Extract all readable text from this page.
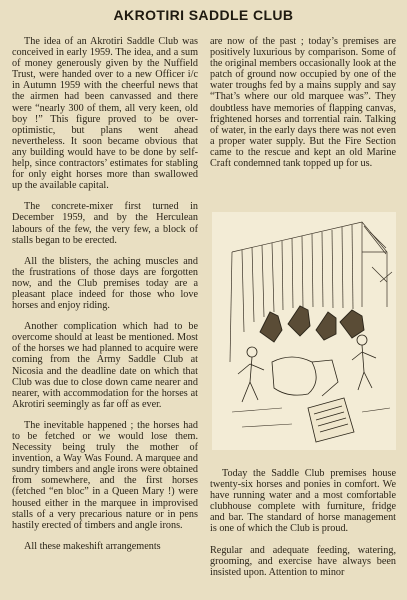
AKROTIRI SADDLE CLUB

The idea of an Akrotiri Saddle Club was conceived in early 1959. The idea, and a sum of money generously given by the Nuffield Trust, were handed over to a new Officer i/c in Autumn 1959 with the cheerful news that the airmen had been canvassed and there were “nearly 300 of them, all very keen, old boy !” This figure proved to be over-optimistic, but plans went ahead nevertheless. It soon became obvious that any building would have to be done by self-help, since contractors’ estimates for stabling for only eight horses more than swallowed up the available capital.

The concrete-mixer first turned in December 1959, and by the Herculean labours of the few, the very few, a block of stalls began to be erected.

All the blisters, the aching muscles and the frustrations of those days are forgotten now, and the Club premises today are a pleasant place indeed for those who love horses and enjoy riding.

Another complication which had to be overcome should at least be mentioned. Most of the horses we had planned to acquire were coming from the Army Saddle Club at Nicosia and the deadline date on which that Club was due to close down came nearer and nearer, with accommodation for the horses at Akrotiri seemingly as far off as ever.

The inevitable happened ; the horses had to be fetched or we would lose them. Necessity being truly the mother of invention, a Way Was Found. A marquee and sundry timbers and angle irons were obtained from somewhere, and the first horses (fetched “en bloc” in a Queen Mary !) were housed either in the marquee in improvised stalls of a very precarious nature or in pens hastily erected of timbers and angle irons.

All these makeshift arrangements

are now of the past ; today’s premises are positively luxurious by comparison. Some of the original members occasionally look at the patch of ground now occupied by one of the water troughs fed by a mains supply and say “That’s where our old marquee was”. They doubtless have memories of flapping canvas, frightened horses and torrential rain. Talking of water, in the early days there was not even a proper water supply. But the Fire Section came to the rescue and kept an old Marine Craft condemned tank topped up for us.

Today the Saddle Club premises house twenty-six horses and ponies in comfort. We have running water and a most comfortable clubhouse complete with furniture, fridge and bar. The standard of horse management is one of which the Club is proud.

Regular and adequate feeding, watering, grooming, and exercise have always been insisted upon. Attention to minor
